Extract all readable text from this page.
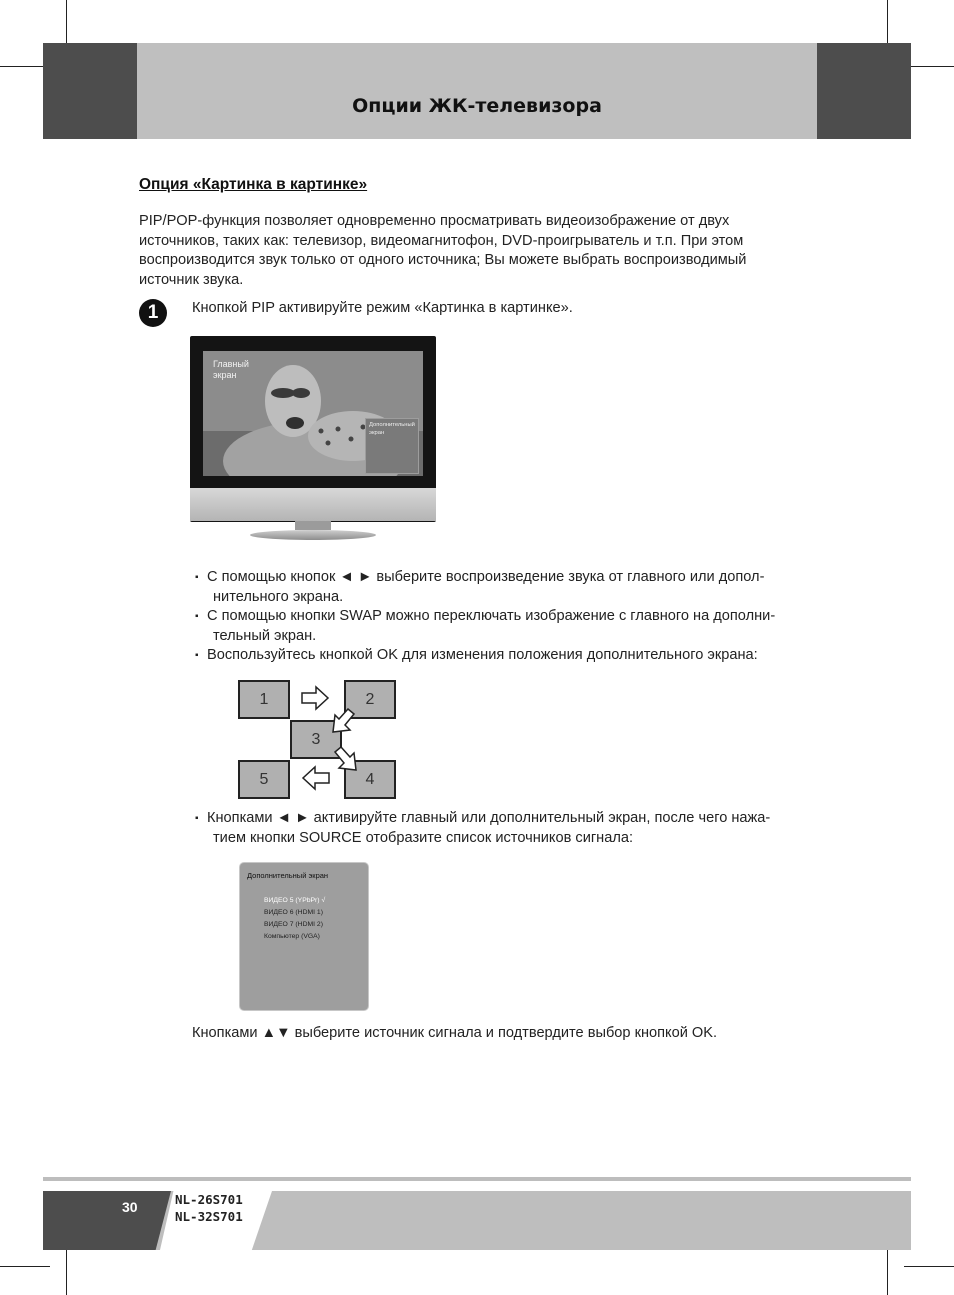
Опции ЖК-телевизора
Опция «Картинка в картинке»
PIP/POP-функция позволяет одновременно просматривать видеоизображение от двух
источников, таких как: телевизор, видеомагнитофон, DVD-проигрыватель и т.п. При этом
воспроизводится звук только от одного источника; Вы можете выбрать воспроизводимый
источник звука.
1	Кнопкой PIP активируйте режим «Картинка в картинке».
Главный
экран
Дополнительный
экран
▪ С помощью кнопок ◄ ► выберите воспроизведение звука от главного или допол-
нительного экрана.
▪ С помощью кнопки SWAP можно переключать изображение с главного на дополни-
тельный экран.
▪ Воспользуйтесь кнопкой OK для изменения положения дополнительного экрана:
1	2
3
5	4
▪ Кнопками ◄ ► активируйте главный или дополнительный экран, после чего нажа-
тием кнопки SOURCE отобразите список источников сигнала:
Дополнительный экран
ВИДЕО 5 (YPbPr) √
ВИДЕО 6 (HDMI 1)
ВИДЕО 7 (HDMI 2)
Компьютер (VGA)
Кнопками ▲▼ выберите источник сигнала и подтвердите выбор кнопкой OK.
30	NL-26S701
NL-32S701
